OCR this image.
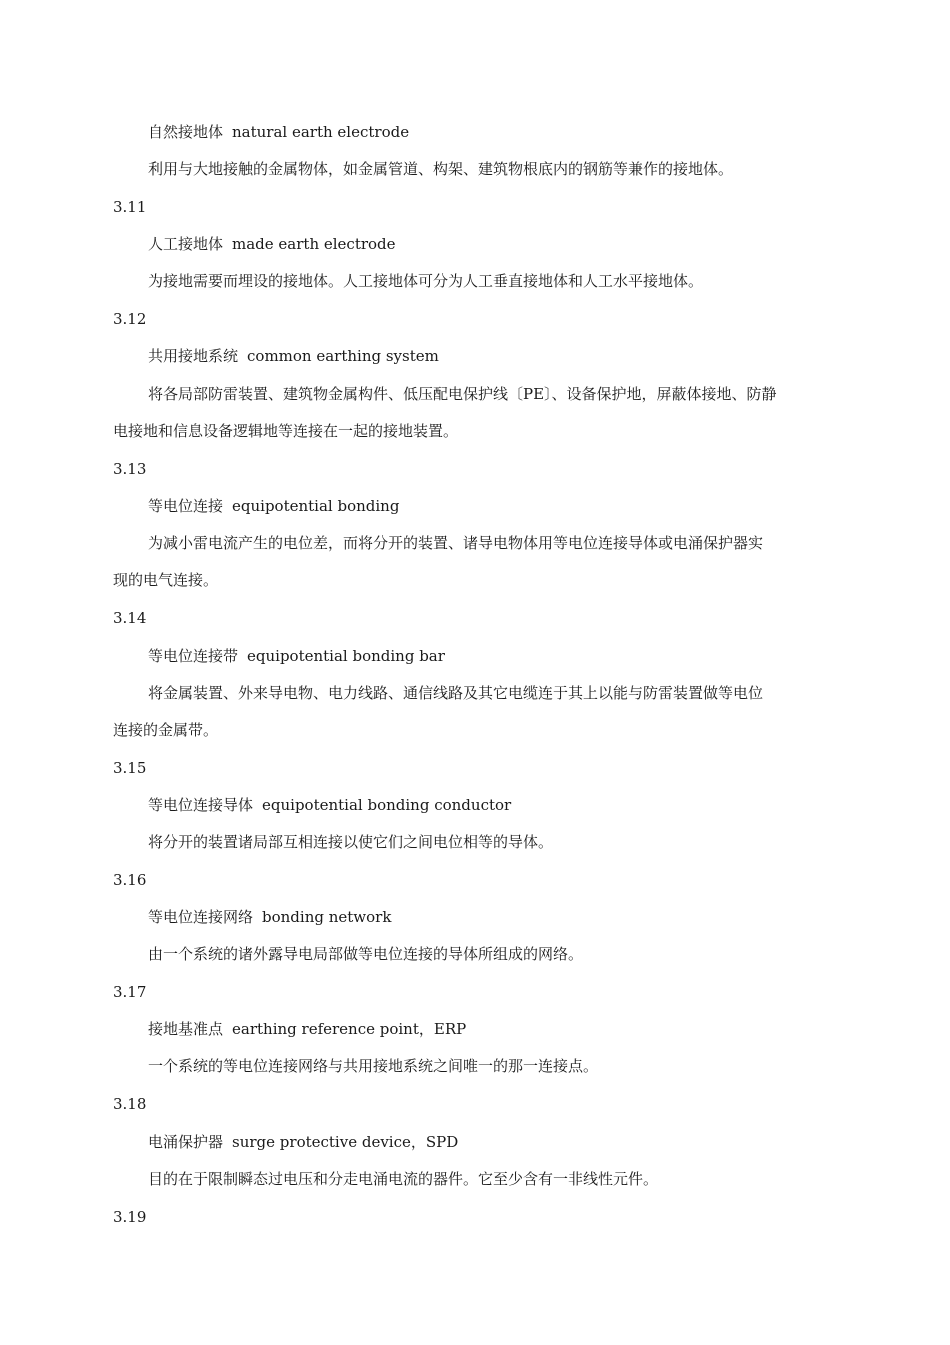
自然接地体 natural earth electrode
利用与大地接触的金属物体，如金属管道、构架、建筑物根底内的钢筋等兼作的接地体。
3.11
人工接地体 made earth electrode
为接地需要而埋设的接地体。人工接地体可分为人工垂直接地体和人工水平接地体。
3.12
共用接地系统 common earthing system
将各局部防雷装置、建筑物金属构件、低压配电保护线〔PE〕、设备保护地，屏蔽体接地、防静
电接地和信息设备逻辑地等连接在一起的接地装置。
3.13
等电位连接 equipotential bonding
为减小雷电流产生的电位差，而将分开的装置、诸导电物体用等电位连接导体或电涌保护器实
现的电气连接。
3.14
等电位连接带 equipotential bonding bar
将金属装置、外来导电物、电力线路、通信线路及其它电缆连于其上以能与防雷装置做等电位
连接的金属带。
3.15
等电位连接导体 equipotential bonding conductor
将分开的装置诸局部互相连接以使它们之间电位相等的导体。
3.16
等电位连接网络 bonding network
由一个系统的诸外露导电局部做等电位连接的导体所组成的网络。
3.17
接地基准点 earthing reference point，ERP
一个系统的等电位连接网络与共用接地系统之间唯一的那一连接点。
3.18
电涌保护器 surge protective device，SPD
目的在于限制瞬态过电压和分走电涌电流的器件。它至少含有一非线性元件。
3.19
